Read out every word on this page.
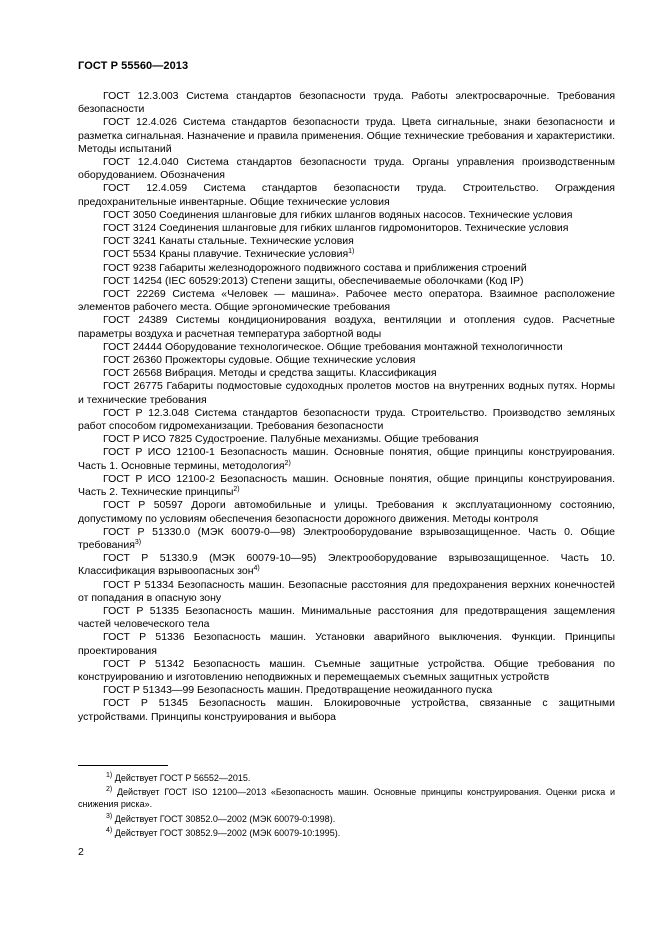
ГОСТ Р 55560—2013

ГОСТ 12.3.003 Система стандартов безопасности труда. Работы электросварочные. Требования безопасности

ГОСТ 12.4.026 Система стандартов безопасности труда. Цвета сигнальные, знаки безопасности и разметка сигнальная. Назначение и правила применения. Общие технические требования и характеристики. Методы испытаний

ГОСТ 12.4.040 Система стандартов безопасности труда. Органы управления производственным оборудованием. Обозначения

ГОСТ 12.4.059 Система стандартов безопасности труда. Строительство. Ограждения предохранительные инвентарные. Общие технические условия

ГОСТ 3050 Соединения шланговые для гибких шлангов водяных насосов. Технические условия

ГОСТ 3124 Соединения шланговые для гибких шлангов гидромониторов. Технические условия

ГОСТ 3241 Канаты стальные. Технические условия

ГОСТ 5534 Краны плавучие. Технические условия$^{1)}$

ГОСТ 9238 Габариты железнодорожного подвижного состава и приближения строений

ГОСТ 14254 (IEC 60529:2013) Степени защиты, обеспечиваемые оболочками (Код IP)

ГОСТ 22269 Система «Человек — машина». Рабочее место оператора. Взаимное расположение элементов рабочего места. Общие эргономические требования

ГОСТ 24389 Системы кондиционирования воздуха, вентиляции и отопления судов. Расчетные параметры воздуха и расчетная температура забортной воды

ГОСТ 24444 Оборудование технологическое. Общие требования монтажной технологичности

ГОСТ 26360 Прожекторы судовые. Общие технические условия

ГОСТ 26568 Вибрация. Методы и средства защиты. Классификация

ГОСТ 26775 Габариты подмостовые судоходных пролетов мостов на внутренних водных путях. Нормы и технические требования

ГОСТ Р 12.3.048 Система стандартов безопасности труда. Строительство. Производство земляных работ способом гидромеханизации. Требования безопасности

ГОСТ Р ИСО 7825 Судостроение. Палубные механизмы. Общие требования

ГОСТ Р ИСО 12100-1 Безопасность машин. Основные понятия, общие принципы конструирования. Часть 1. Основные термины, методология$^{2)}$

ГОСТ Р ИСО 12100-2 Безопасность машин. Основные понятия, общие принципы конструирования. Часть 2. Технические принципы$^{2)}$

ГОСТ Р 50597 Дороги автомобильные и улицы. Требования к эксплуатационному состоянию, допустимому по условиям обеспечения безопасности дорожного движения. Методы контроля

ГОСТ Р 51330.0 (МЭК 60079-0—98) Электрооборудование взрывозащищенное. Часть 0. Общие требования$^{3)}$

ГОСТ Р 51330.9 (МЭК 60079-10—95) Электрооборудование взрывозащищенное. Часть 10. Классификация взрывоопасных зон$^{4)}$

ГОСТ Р 51334 Безопасность машин. Безопасные расстояния для предохранения верхних конечностей от попадания в опасную зону

ГОСТ Р 51335 Безопасность машин. Минимальные расстояния для предотвращения защемления частей человеческого тела

ГОСТ Р 51336 Безопасность машин. Установки аварийного выключения. Функции. Принципы проектирования

ГОСТ Р 51342 Безопасность машин. Съемные защитные устройства. Общие требования по конструированию и изготовлению неподвижных и перемещаемых съемных защитных устройств

ГОСТ Р 51343—99 Безопасность машин. Предотвращение неожиданного пуска

ГОСТ Р 51345 Безопасность машин. Блокировочные устройства, связанные с защитными устройствами. Принципы конструирования и выбора

$^{1)}$ Действует ГОСТ Р 56552—2015.

$^{2)}$ Действует ГОСТ ISO 12100—2013 «Безопасность машин. Основные принципы конструирования. Оценки риска и снижения риска».

$^{3)}$ Действует ГОСТ 30852.0—2002 (МЭК 60079-0:1998).

$^{4)}$ Действует ГОСТ 30852.9—2002 (МЭК 60079-10:1995).

2
